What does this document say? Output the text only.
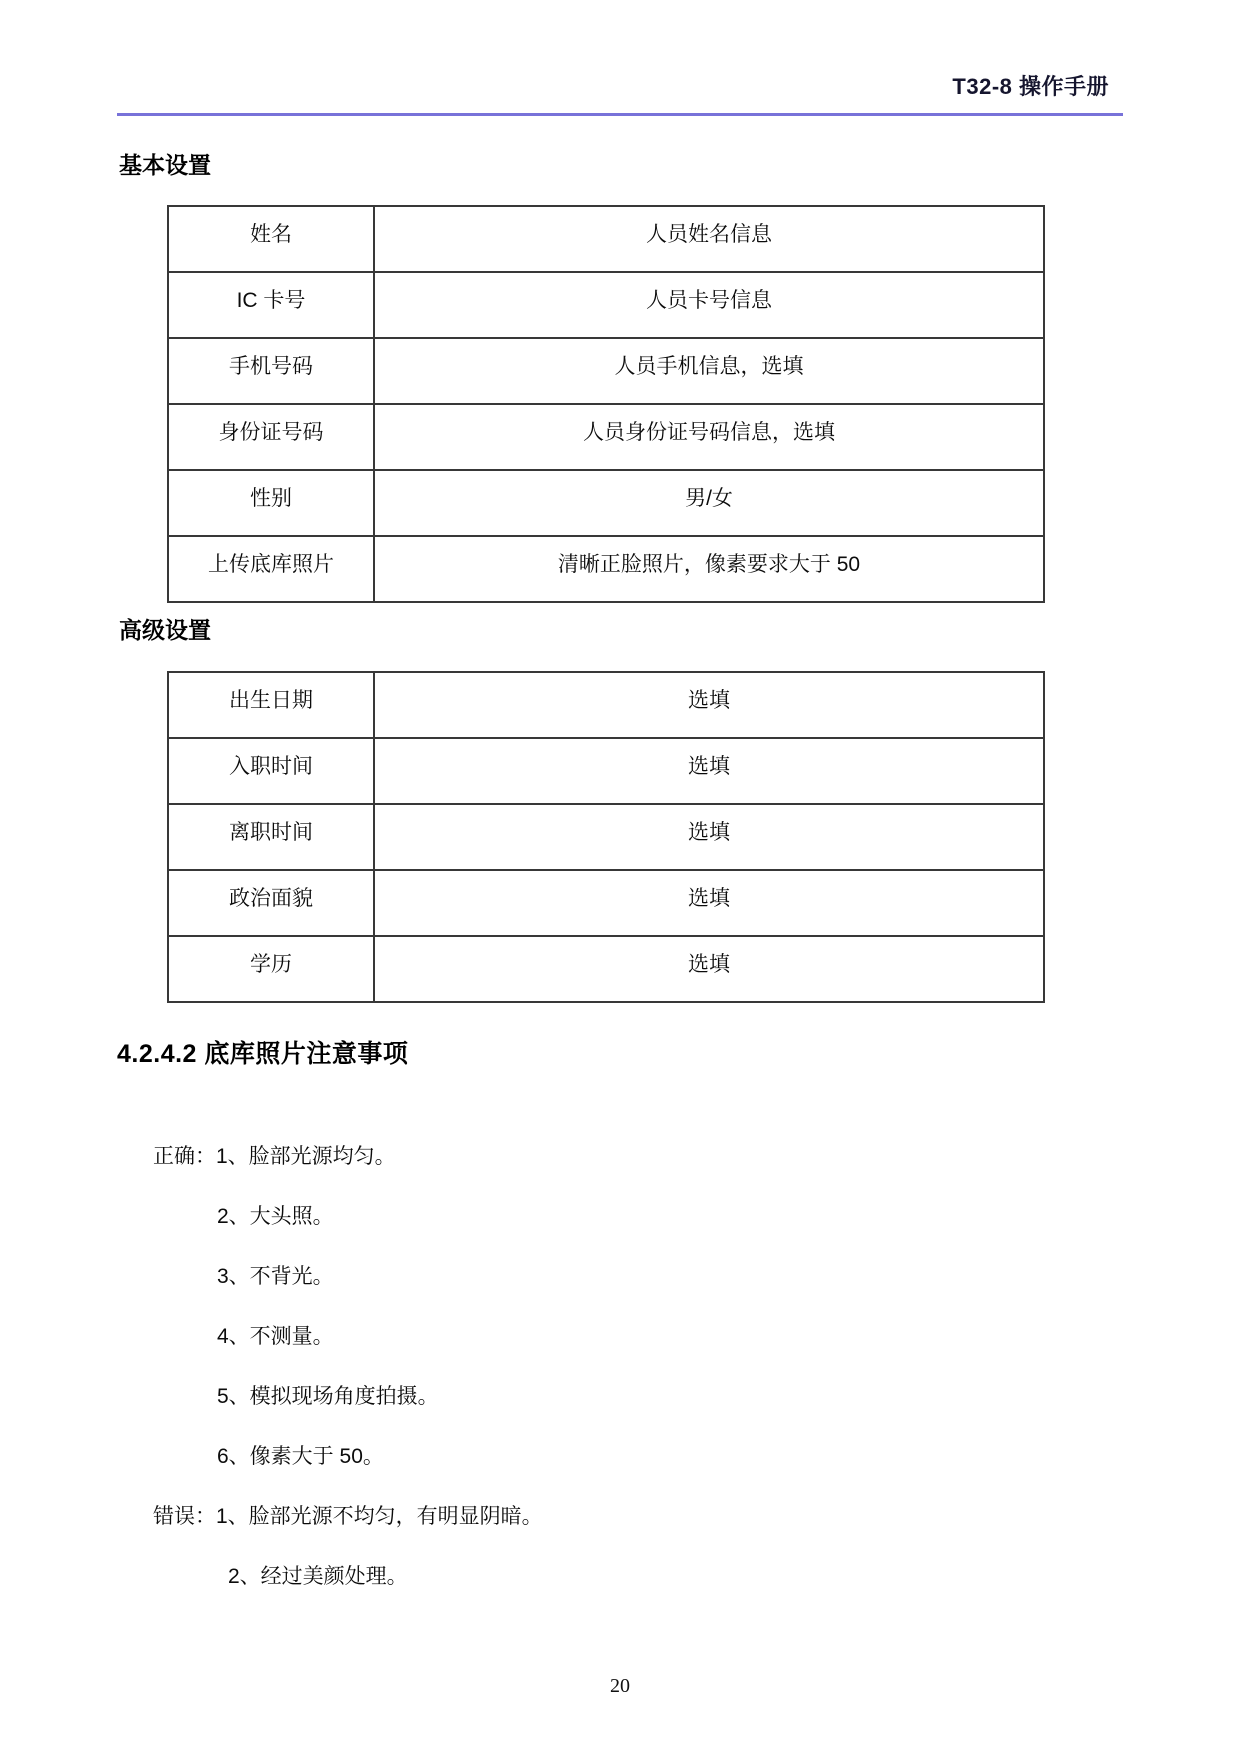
T32-8 操作手册
基本设置
姓名	人员姓名信息
IC 卡号	人员卡号信息
手机号码	人员手机信息，选填
身份证号码	人员身份证号码信息，选填
性别	男/女
上传底库照片	清晰正脸照片，像素要求大于 50
高级设置
出生日期	选填
入职时间	选填
离职时间	选填
政治面貌	选填
学历	选填
4.2.4.2 底库照片注意事项
正确：1、脸部光源均匀。
2、大头照。
3、不背光。
4、不测量。
5、模拟现场角度拍摄。
6、像素大于 50。
错误：1、脸部光源不均匀，有明显阴暗。
2、经过美颜处理。
20
